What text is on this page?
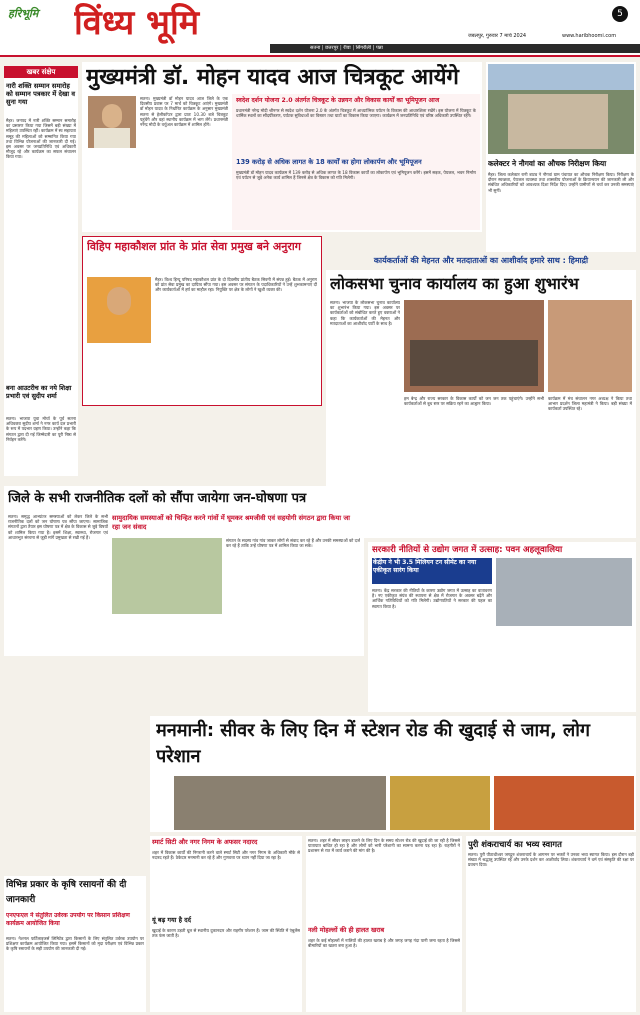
हरिभूमि	विंध्य भूमि	5
जबलपुर, गुरुवार 7 मार्च 2024	www.haribhoomi.com
सतना | छतरपुर | रीवा | सिंगरौली | पन्ना
खबर संक्षेप
नारी शक्ति सम्मान समारोह को सम्मान पत्रकार में देखा व सुना गया
मैहर। जनपद में नारी शक्ति सम्मान समारोह का प्रसारण किया गया जिसमें बड़ी संख्या में महिलाएं उपस्थित रहीं। कार्यक्रम में स्व सहायता समूह की महिलाओं को सम्मानित किया गया तथा विभिन्न योजनाओं की जानकारी दी गई। इस अवसर पर जनप्रतिनिधि एवं अधिकारी मौजूद रहे और कार्यक्रम का सफल संचालन किया गया।
बना आउटरीच का नये शिक्षा प्रभारी एवं सुदीप शर्मा
सतना। भाजपा युवा मोर्चा के पूर्व सतना अधिवक्ता सुदीप शर्मा ने नगर कार्य दल प्रभारी के रूप में पदभार ग्रहण किया। उन्होंने कहा कि संगठन द्वारा दी गई जिम्मेदारी का पूरी निष्ठा से निर्वहन करेंगे।
मुख्यमंत्री डॉ. मोहन यादव आज चित्रकूट आयेंगे
सतना। मुख्यमंत्री डॉ मोहन यादव आज जिले के एक दिवसीय प्रवास पर 7 मार्च को चित्रकूट आएंगे। मुख्यमंत्री डॉ मोहन यादव के निर्धारित कार्यक्रम के अनुसार मुख्यमंत्री सतना से हेलीकॉप्टर द्वारा प्रातः 10.30 बजे चित्रकूट पहुंचेंगे और वहां स्थानीय कार्यक्रम में भाग लेंगे। प्रधानमंत्री नरेन्द्र मोदी के वर्चुअल कार्यक्रम में शामिल होंगे।
स्वदेश दर्शन योजना 2.0 अंतर्गत चित्रकूट के उन्नयन और विकास कार्यों का भूमिपूजन आज
प्रधानमंत्री नरेन्द्र मोदी श्रीनगर से स्वदेश दर्शन योजना 2.0 के अंतर्गत चित्रकूट में आध्यात्मिक पर्यटन के विकास की आधारशिला रखेंगे। इस योजना में चित्रकूट के धार्मिक स्थलों का सौंदर्यीकरण, पर्यटक सुविधाओं का विस्तार तथा घाटों का विकास किया जाएगा। कार्यक्रम में जनप्रतिनिधि एवं वरिष्ठ अधिकारी उपस्थित रहेंगे।
139 करोड़ से अधिक लागत के 18 कार्यों का होगा लोकार्पण और भूमिपूजन
मुख्यमंत्री डॉ मोहन यादव कार्यक्रम में 139 करोड़ से अधिक लागत के 18 विकास कार्यों का लोकार्पण एवं भूमिपूजन करेंगे। इसमें सड़क, पेयजल, भवन निर्माण एवं पर्यटन से जुड़े अनेक कार्य शामिल हैं जिनसे क्षेत्र के विकास को गति मिलेगी।
कलेक्टर ने नौगवां का औचक निरीक्षण किया
मैहर। जिला कलेक्टर रानी बाटड ने नौगवां ग्राम पंचायत का औचक निरीक्षण किया। निरीक्षण के दौरान स्वच्छता, पेयजल व्यवस्था तथा शासकीय योजनाओं के क्रियान्वयन की जानकारी ली और संबंधित अधिकारियों को आवश्यक दिशा निर्देश दिए। उन्होंने ग्रामीणों से चर्चा कर उनकी समस्याएं भी सुनीं।
विहिप महाकौशल प्रांत के प्रांत सेवा प्रमुख बने अनुराग
मैहर। विश्व हिन्दू परिषद महाकौशल प्रांत के दो दिवसीय प्रांतीय बैठक सिवनी में संपन्न हुई। बैठक में अनुराग को प्रांत सेवा प्रमुख का दायित्व सौंपा गया। इस अवसर पर संगठन के पदाधिकारियों ने उन्हें शुभकामनाएं दीं और कार्यकर्ताओं में हर्ष का माहौल रहा। नियुक्ति पर क्षेत्र के लोगों ने खुशी व्यक्त की।
कार्यकर्ताओं की मेहनत और मतदाताओं का आशीर्वाद हमारे साथ : हिमाद्री
लोकसभा चुनाव कार्यालय का हुआ शुभारंभ
सतना। भाजपा के लोकसभा चुनाव कार्यालय का शुभारंभ किया गया। इस अवसर पर कार्यकर्ताओं को संबोधित करते हुए वक्ताओं ने कहा कि कार्यकर्ताओं की मेहनत और मतदाताओं का आशीर्वाद पार्टी के साथ है।
हम बेन्द्र और राज्य सरकार के विकास कार्यों को जन जन तक पहुंचाएंगे। उन्होंने सभी कार्यकर्ताओं से बूथ स्तर पर सक्रिय रहने का आह्वान किया।
कार्यक्रम में मंच संचालन नगर अध्यक्ष ने किया तथा आभार प्रदर्शन जिला महामंत्री ने किया। बड़ी संख्या में कार्यकर्ता उपस्थित रहे।
जिले के सभी राजनीतिक दलों को सौंपा जायेगा जन-घोषणा पत्र
सतना। समृद्ध आभ्यांतर समस्याओं को लेकर जिले के सभी राजनीतिक दलों को जन घोषणा पत्र सौंपा जाएगा। सामाजिक संगठनों द्वारा तैयार इस घोषणा पत्र में क्षेत्र के विकास से जुड़े विषयों को शामिल किया गया है। इसमें शिक्षा, स्वास्थ्य, रोजगार एवं आधारभूत संरचना से जुड़ी मांगें प्रमुखता से रखी गई हैं।
सामुदायिक समस्याओं को चिन्हित करने गांवों में घूमकर श्रमजीवी एवं सहयोगी संगठन द्वारा किया जा रहा जन संवाद
संगठन के सदस्य गांव गांव जाकर लोगों से संवाद कर रहे हैं और उनकी समस्याओं को दर्ज कर रहे हैं ताकि उन्हें घोषणा पत्र में शामिल किया जा सके।	सरकारी नीतियों से उद्योग जगत में उत्साह: पवन अहलूवालिया
केंद्रीय ने भी 3.5 मिलियन टन सीमेंट का नया एकीकृत सारंग किया
सतना। केंद्र सरकार की नीतियों के कारण उद्योग जगत में उत्साह का वातावरण है। नए एकीकृत संयंत्र की स्थापना से क्षेत्र में रोजगार के अवसर बढ़ेंगे और आर्थिक गतिविधियों को गति मिलेगी। उद्योगपतियों ने सरकार की पहल का स्वागत किया है।
मनमानी: सीवर के लिए दिन में स्टेशन रोड की खुदाई से जाम, लोग परेशान
विभिन्न प्रकार के कृषि रसायनों की दी जानकारी
एनएफएल ने संतुलित उर्वरक उपयोग पर किसान प्रशिक्षण कार्यक्रम आयोजित किया
सतना। नेशनल फर्टिलाइजर्स लिमिटेड द्वारा किसानों के लिए संतुलित उर्वरक उपयोग पर प्रशिक्षण कार्यक्रम आयोजित किया गया। इसमें किसानों को मृदा परीक्षण एवं विभिन्न प्रकार के कृषि रसायनों के सही उपयोग की जानकारी दी गई।
स्मार्ट सिटी और नगर निगम के अफसर नदारद
शहर में विकास कार्यों की निगरानी करने वाले स्मार्ट सिटी और नगर निगम के अधिकारी मौके से नदारद रहते हैं। ठेकेदार मनमानी कर रहे हैं और गुणवत्ता पर ध्यान नहीं दिया जा रहा है।
यूं बढ़ गया है दर्द
खुदाई के कारण उड़ती धूल से स्थानीय दुकानदार और राहगीर परेशान हैं। जाम की स्थिति में एंबुलेंस तक फंस जाती है।
सतना। शहर में सीवर लाइन डालने के लिए दिन के समय स्टेशन रोड की खुदाई की जा रही है जिससे यातायात बाधित हो रहा है और लोगों को भारी परेशानी का सामना करना पड़ रहा है। राहगीरों ने प्रशासन से रात में कार्य कराने की मांग की है।
नली मोहल्लों की ही हालत खराब
शहर के कई मोहल्लों में नालियों की हालत खराब है और जगह जगह गंदा पानी जमा रहता है जिससे बीमारियों का खतरा बना हुआ है।
पुरी शंकराचार्य का भव्य स्वागत
सतना। पुरी पीठाधीश्वर जगद्गुरु शंकराचार्य के आगमन पर भक्तों ने उनका भव्य स्वागत किया। इस दौरान बड़ी संख्या में श्रद्धालु उपस्थित रहे और उनके दर्शन कर आशीर्वाद लिया। शंकराचार्य ने धर्म एवं संस्कृति की रक्षा पर प्रवचन दिया।
